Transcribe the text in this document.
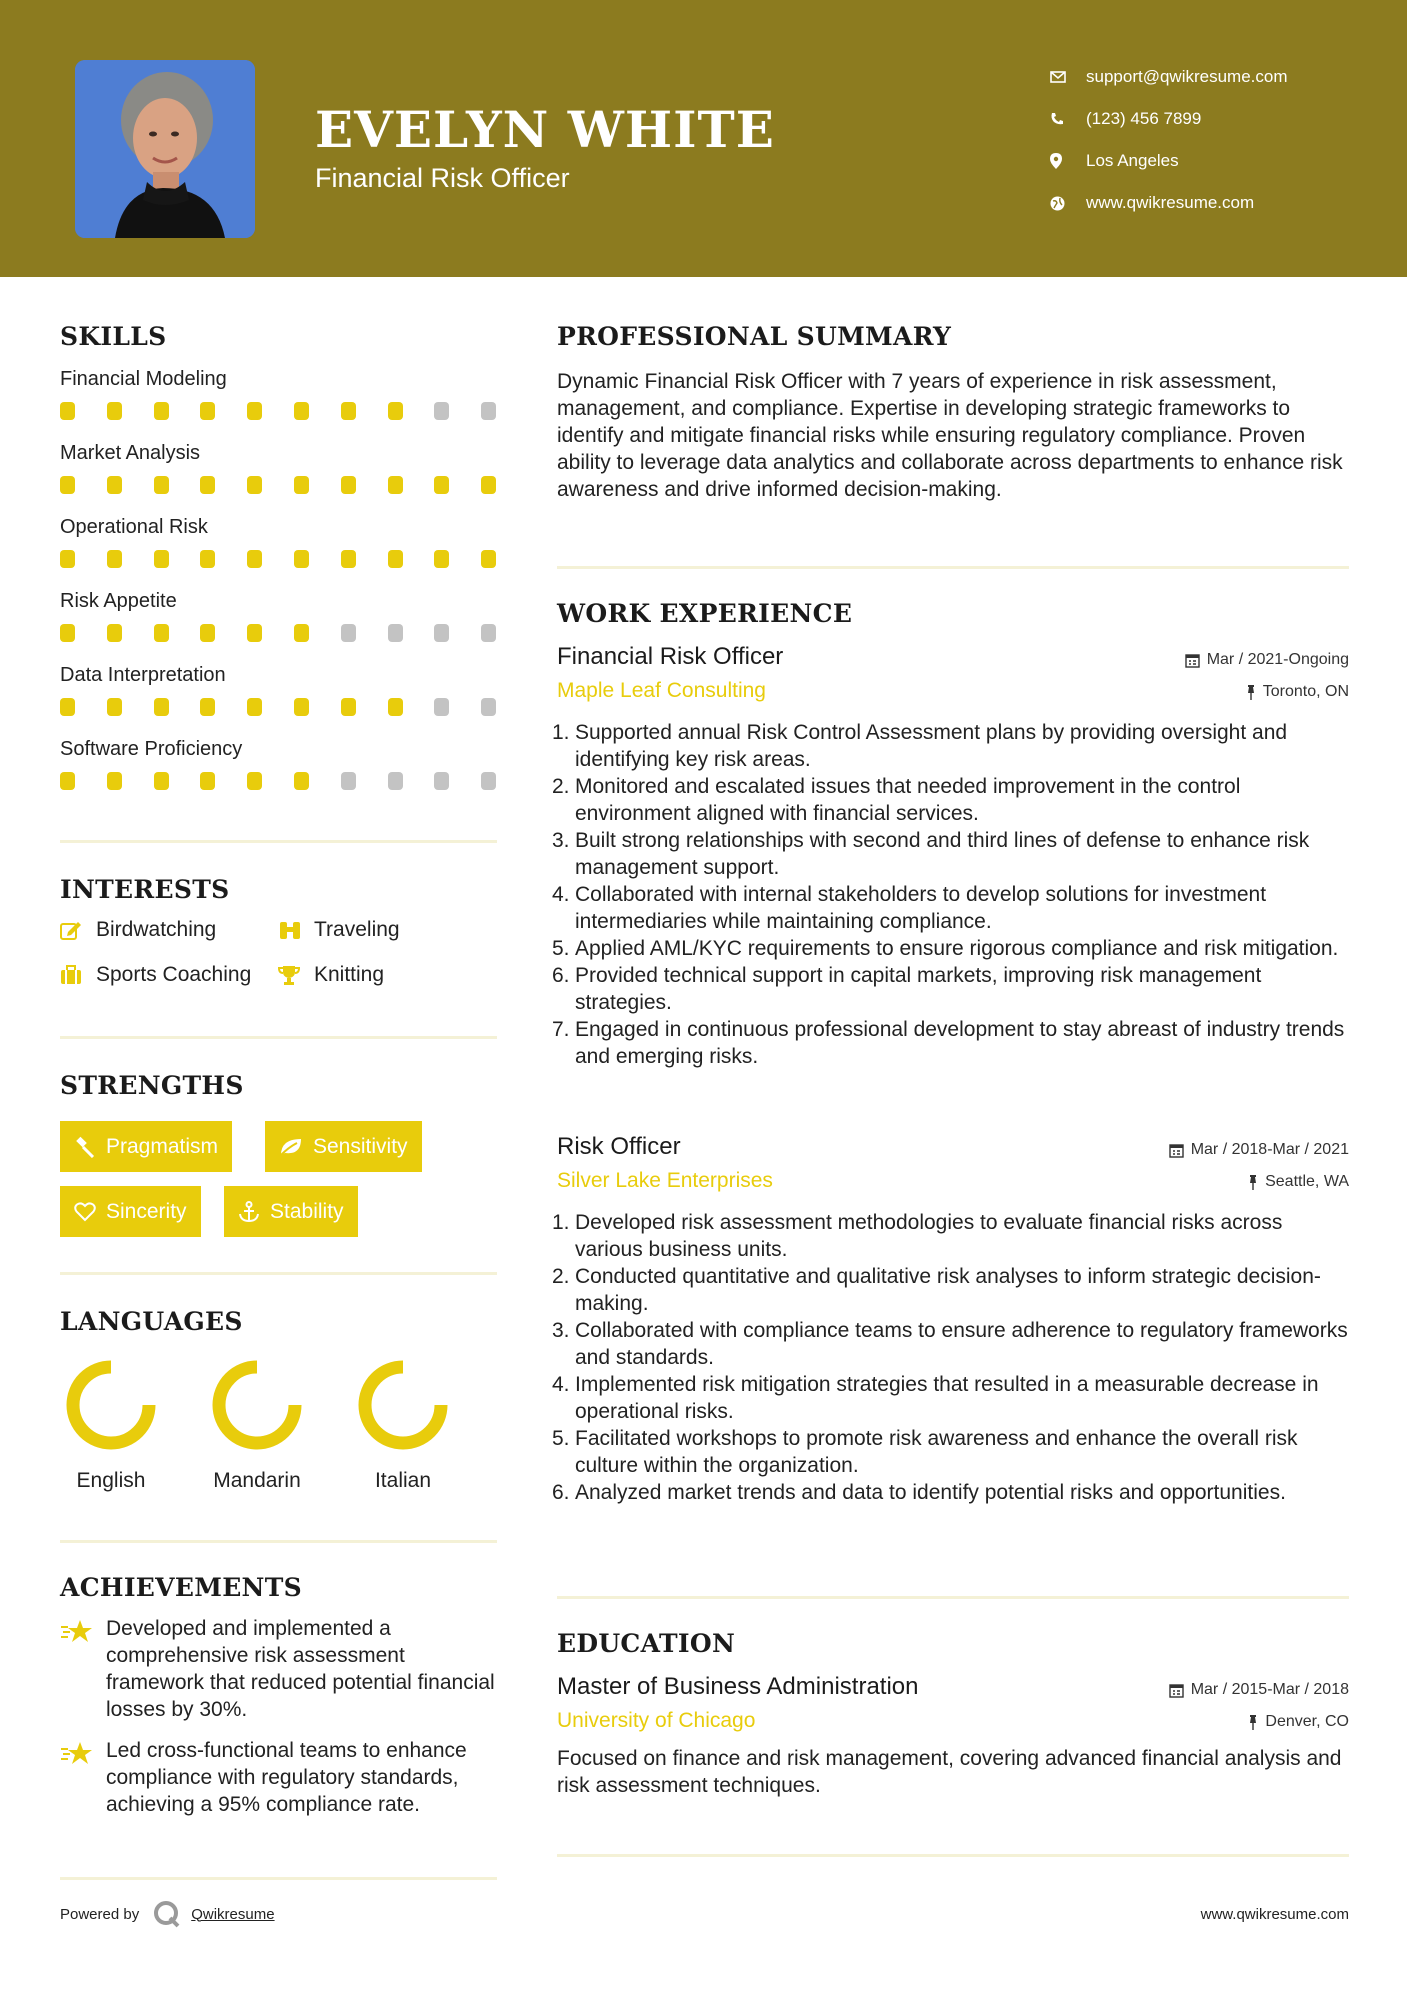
EVELYN WHITE
Financial Risk Officer
support@qwikresume.com
(123) 456 7899
Los Angeles
www.qwikresume.com
SKILLS
Financial Modeling
Market Analysis
Operational Risk
Risk Appetite
Data Interpretation
Software Proficiency
INTERESTS
Birdwatching	Traveling
Sports Coaching	Knitting
STRENGTHS
Pragmatism	Sensitivity
Sincerity	Stability
LANGUAGES
English	Mandarin	Italian
ACHIEVEMENTS
Developed and implemented a comprehensive risk assessment framework that reduced potential financial losses by 30%.
Led cross-functional teams to enhance compliance with regulatory standards, achieving a 95% compliance rate.
PROFESSIONAL SUMMARY
Dynamic Financial Risk Officer with 7 years of experience in risk assessment, management, and compliance. Expertise in developing strategic frameworks to identify and mitigate financial risks while ensuring regulatory compliance. Proven ability to leverage data analytics and collaborate across departments to enhance risk awareness and drive informed decision-making.
WORK EXPERIENCE
Financial Risk Officer	Mar / 2021-Ongoing
Maple Leaf Consulting	Toronto, ON
1. Supported annual Risk Control Assessment plans by providing oversight and identifying key risk areas.
2. Monitored and escalated issues that needed improvement in the control environment aligned with financial services.
3. Built strong relationships with second and third lines of defense to enhance risk management support.
4. Collaborated with internal stakeholders to develop solutions for investment intermediaries while maintaining compliance.
5. Applied AML/KYC requirements to ensure rigorous compliance and risk mitigation.
6. Provided technical support in capital markets, improving risk management strategies.
7. Engaged in continuous professional development to stay abreast of industry trends and emerging risks.
Risk Officer	Mar / 2018-Mar / 2021
Silver Lake Enterprises	Seattle, WA
1. Developed risk assessment methodologies to evaluate financial risks across various business units.
2. Conducted quantitative and qualitative risk analyses to inform strategic decision-making.
3. Collaborated with compliance teams to ensure adherence to regulatory frameworks and standards.
4. Implemented risk mitigation strategies that resulted in a measurable decrease in operational risks.
5. Facilitated workshops to promote risk awareness and enhance the overall risk culture within the organization.
6. Analyzed market trends and data to identify potential risks and opportunities.
EDUCATION
Master of Business Administration	Mar / 2015-Mar / 2018
University of Chicago	Denver, CO
Focused on finance and risk management, covering advanced financial analysis and risk assessment techniques.
Powered by	Qwikresume	www.qwikresume.com
